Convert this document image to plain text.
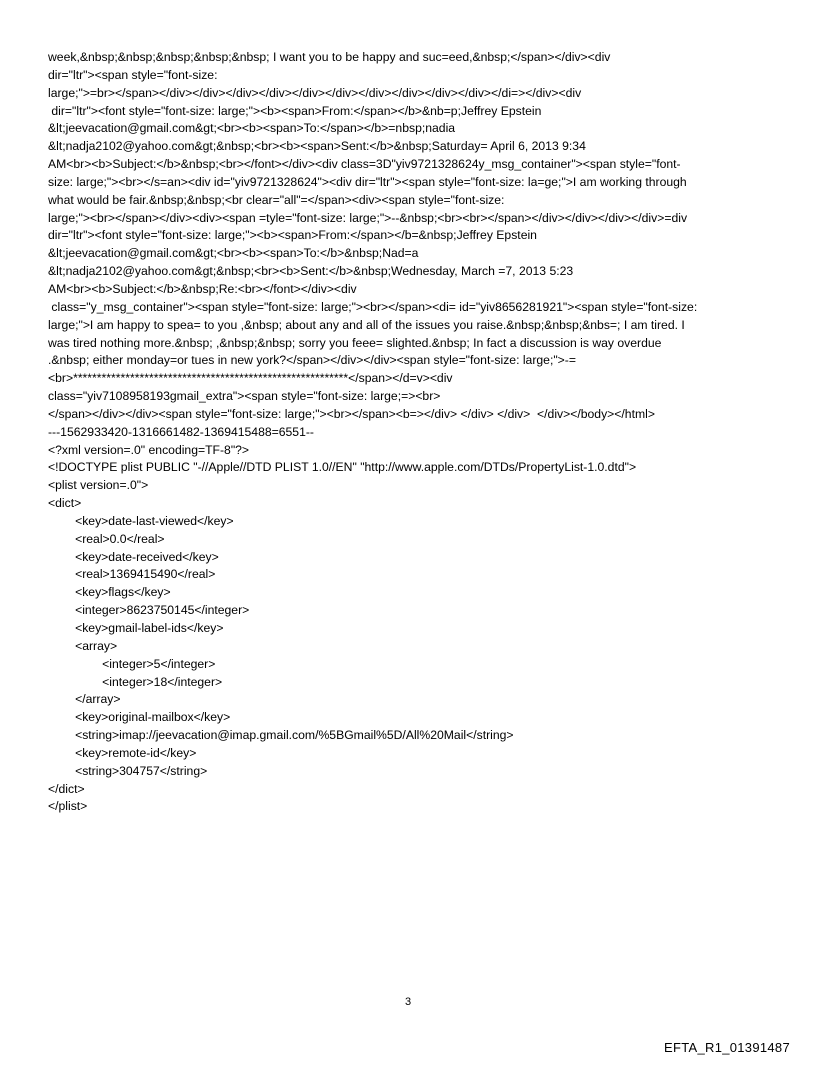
week,&nbsp;&nbsp;&nbsp;&nbsp;&nbsp; I want you to be happy and suc=eed,&nbsp;</span></div><div
dir="ltr"><span style="font-size:
large;">=br></span></div></div></div></div></div></div></div></div></div></div></di=></div><div
dir="ltr"><font style="font-size: large;"><b><span>From:</span></b>&nb=p;Jeffrey Epstein
&lt;jeevacation@gmail.com&gt;<br><b><span>To:</span></b>=nbsp;nadia
&lt;nadja2102@yahoo.com&gt;&nbsp;<br><b><span>Sent:</b>&nbsp;Saturday= April 6, 2013 9:34
AM<br><b>Subject:</b>&nbsp;<br></font></div><div class=3D"yiv9721328624y_msg_container"><span style="font-
size: large;"><br></s=an><div id="yiv9721328624"><div dir="ltr"><span style="font-size: la=ge;">I am working through
what would be fair.&nbsp;&nbsp;<br clear="all"=</span><div><span style="font-size:
large;"><br></span></div><div><span =tyle="font-size: large;">--&nbsp;<br><br></span></div></div></div></div>=div
dir="ltr"><font style="font-size: large;"><b><span>From:</span></b=&nbsp;Jeffrey Epstein
&lt;jeevacation@gmail.com&gt;<br><b><span>To:</b>&nbsp;Nad=a
&lt;nadja2102@yahoo.com&gt;&nbsp;<br><b>Sent:</b>&nbsp;Wednesday, March =7, 2013 5:23
AM<br><b>Subject:</b>&nbsp;Re:<br></font></div><div
class="y_msg_container"><span style="font-size: large;"><br></span><di= id="yiv8656281921"><span style="font-size:
large;">I am happy to spea= to you ,&nbsp; about any and all of the issues you raise.&nbsp;&nbsp;&nbs=; I am tired. I
was tired nothing more.&nbsp; ,&nbsp;&nbsp; sorry you feee= slighted.&nbsp; In fact a discussion is way overdue
.&nbsp; either monday=or tues in new york?</span></div></div><span style="font-size: large;">-=
<br>**********************************************************</span></d=v><div
class="yiv7108958193gmail_extra"><span style="font-size: large;=><br>
</span></div></div><span style="font-size: large;"><br></span><b=></div> </div> </div>  </div></body></html>
---1562933420-1316661482-1369415488=6551--
<?xml version=.0" encoding=TF-8"?>
<!DOCTYPE plist PUBLIC "-//Apple//DTD PLIST 1.0//EN" "http://www.apple.com/DTDs/PropertyList-1.0.dtd">
<plist version=.0">
<dict>
<key>date-last-viewed</key>
<real>0.0</real>
<key>date-received</key>
<real>1369415490</real>
<key>flags</key>
<integer>8623750145</integer>
<key>gmail-label-ids</key>
<array>
<integer>5</integer>
<integer>18</integer>
</array>
<key>original-mailbox</key>
<string>imap://jeevacation@imap.gmail.com/%5BGmail%5D/All%20Mail</string>
<key>remote-id</key>
<string>304757</string>
</dict>
</plist>
3
EFTA_R1_01391487
